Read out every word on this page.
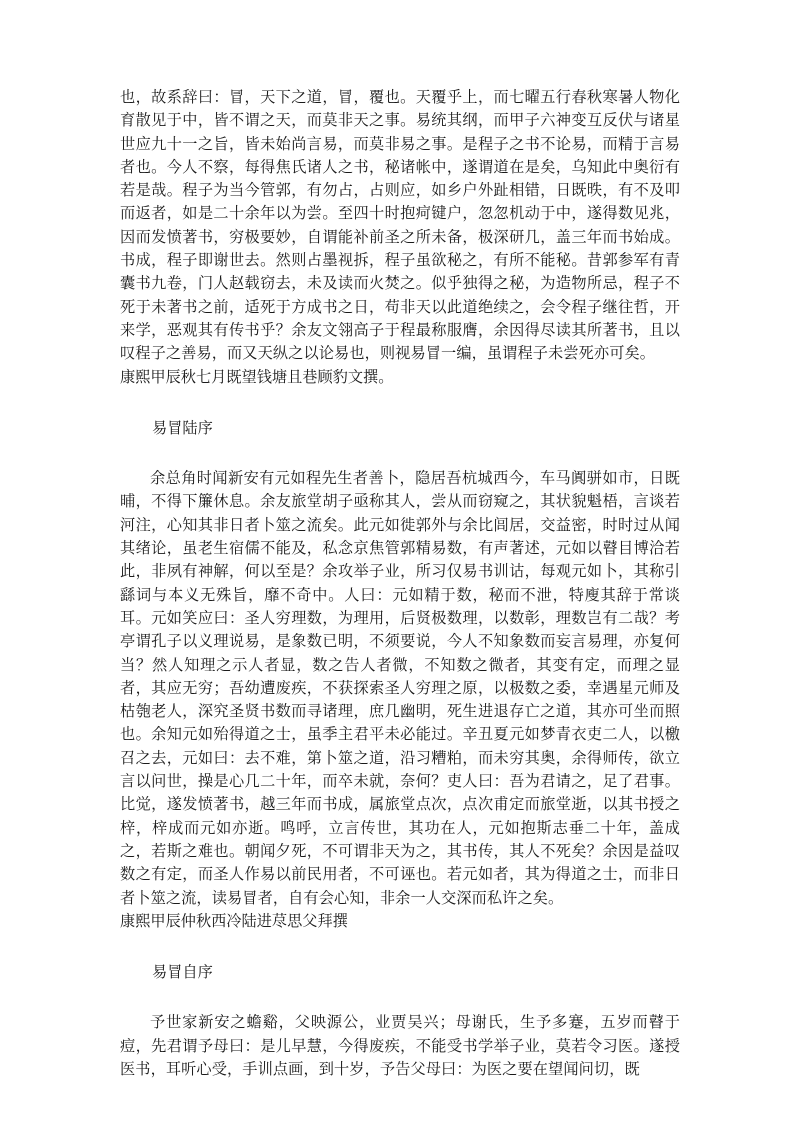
也，故系辞曰：冒，天下之道，冒，覆也。天覆乎上，而七曜五行春秋寒暑人物化育散见于中，皆不谓之天，而莫非天之事。易统其纲，而甲子六神变互反伏与诸星世应九十一之旨，皆未始尚言易，而莫非易之事。是程子之书不论易，而精于言易者也。今人不察，每得焦氏诸人之书，秘诸帐中，遂谓道在是矣，乌知此中奥衍有若是哉。程子为当今管郭，有勿占，占则应，如乡户外趾相错，日既昳，有不及叩而返者，如是二十余年以为尝。至四十时抱疴键户，忽忽机动于中，遂得数见兆，因而发愤著书，穷极要妙，自谓能补前圣之所未备，极深研几，盖三年而书始成。书成，程子即谢世去。然则占墨视拆，程子虽欲秘之，有所不能秘。昔郭参军有青囊书九卷，门人赵载窃去，未及读而火焚之。似乎独得之秘，为造物所忌，程子不死于未著书之前，适死于方成书之日，苟非天以此道绝续之，会令程子继往哲，开来学，恶观其有传书乎？余友文翎高子于程最称服膺，余因得尽读其所著书，且以叹程子之善易，而又天纵之以论易也，则视易冒一编，虽谓程子未尝死亦可矣。

康熙甲辰秋七月既望钱塘且巷顾豹文撰。

易冒陆序

余总角时闻新安有元如程先生者善卜，隐居吾杭城西今，车马阗骈如市，日既晡，不得下簾休息。余友旅堂胡子亟称其人，尝从而窃窥之，其状貌魁梧，言谈若河注，心知其非日者卜筮之流矣。此元如徙郭外与余比闾居，交益密，时时过从闻其绪论，虽老生宿儒不能及，私念京焦管郭精易数，有声著述，元如以瞽目博洽若此，非夙有神解，何以至是？余攻举子业，所习仅易书训诂，每观元如卜，其称引繇词与本义无殊旨，靡不奇中。人曰：元如精于数，秘而不泄，特廋其辞于常谈耳。元如笑应曰：圣人穷理数，为理用，后贤极数理，以数彰，理数岂有二哉？考亭谓孔子以义理说易，是象数已明，不须要说，今人不知象数而妄言易理，亦复何当？然人知理之示人者显，数之告人者微，不知数之微者，其变有定，而理之显者，其应无穷；吾幼遭废疾，不获探索圣人穷理之原，以极数之委，幸遇星元师及枯匏老人，深究圣贤书数而寻诸理，庶几幽明，死生进退存亡之道，其亦可坐而照也。余知元如殆得道之士，虽季主君平未必能过。辛丑夏元如梦青衣吏二人，以檄召之去，元如曰：去不难，第卜筮之道，沿习糟粕，而未穷其奥，余得师传，欲立言以问世，操是心几二十年，而卒未就，奈何？吏人曰：吾为君请之，足了君事。比觉，遂发愤著书，越三年而书成，属旅堂点次，点次甫定而旅堂逝，以其书授之梓，梓成而元如亦逝。鸣呼，立言传世，其功在人，元如抱斯志垂二十年，盖成之，若斯之难也。朝闻夕死，不可谓非天为之，其书传，其人不死矣？余因是益叹数之有定，而圣人作易以前民用者，不可诬也。若元如者，其为得道之士，而非日者卜筮之流，读易冒者，自有会心知，非余一人交深而私许之矣。

康熙甲辰仲秋西冷陆进荩思父拜撰

易冒自序

予世家新安之蟾谿，父映源公，业贾吴兴；母谢氏，生予多蹇，五岁而瞽于痘，先君谓予母曰：是儿早慧，今得废疾，不能受书学举子业，莫若令习医。遂授医书，耳听心受，手训点画，到十岁，予告父母曰：为医之要在望闻问切，既
